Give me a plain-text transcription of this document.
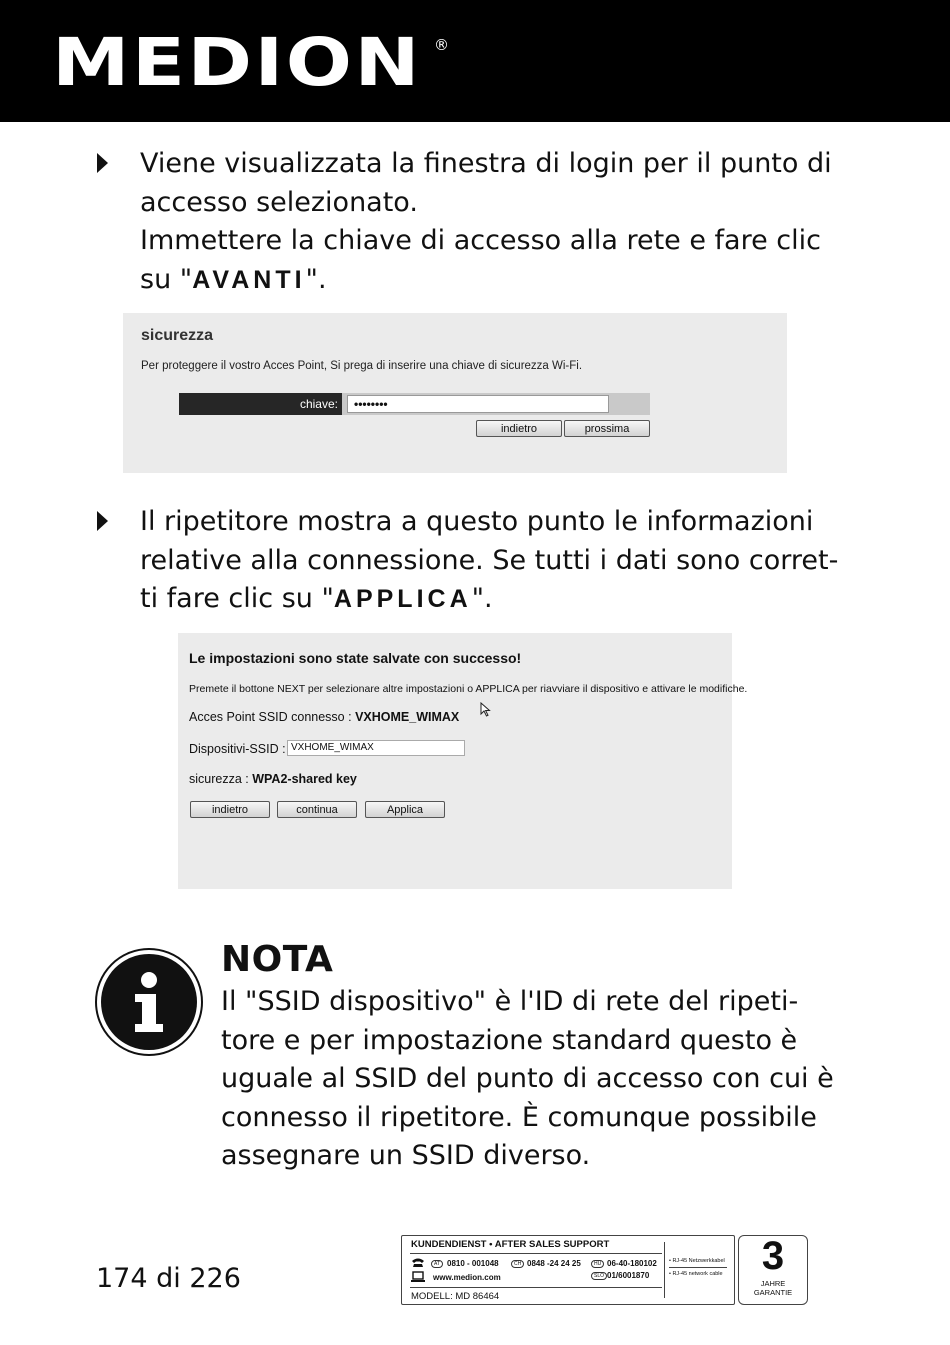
MEDION ®
Viene visualizzata la finestra di login per il punto di
accesso selezionato.
Immettere la chiave di accesso alla rete e fare clic
su "AVANTI".
sicurezza
Per proteggere il vostro Acces Point, Si prega di inserire una chiave di sicurezza Wi-Fi.
chiave:	••••••••
indietro	prossima
Il ripetitore mostra a questo punto le informazioni
relative alla connessione. Se tutti i dati sono corret-
ti fare clic su "APPLICA".
Le impostazioni sono state salvate con successo!
Premete il bottone NEXT per selezionare altre impostazioni o APPLICA per riavviare il dispositivo e attivare le modifiche.
Acces Point SSID connesso : VXHOME_WIMAX
Dispositivi-SSID : VXHOME_WIMAX
sicurezza : WPA2-shared key
indietro	continua	Applica
NOTA
Il "SSID dispositivo" è l'ID di rete del ripeti-
tore e per impostazione standard questo è
uguale al SSID del punto di accesso con cui è
connesso il ripetitore. È comunque possibile
assegnare un SSID diverso.
174 di 226
KUNDENDIENST • AFTER SALES SUPPORT
AT 0810 - 001048	CH 0848 -24 24 25	HU 06-40-180102
www.medion.com	SLO 01/6001870
MODELL: MD 86464
• RJ-45 Netzwerkkabel
• RJ-45 network cable 3
JAHRE
GARANTIE
